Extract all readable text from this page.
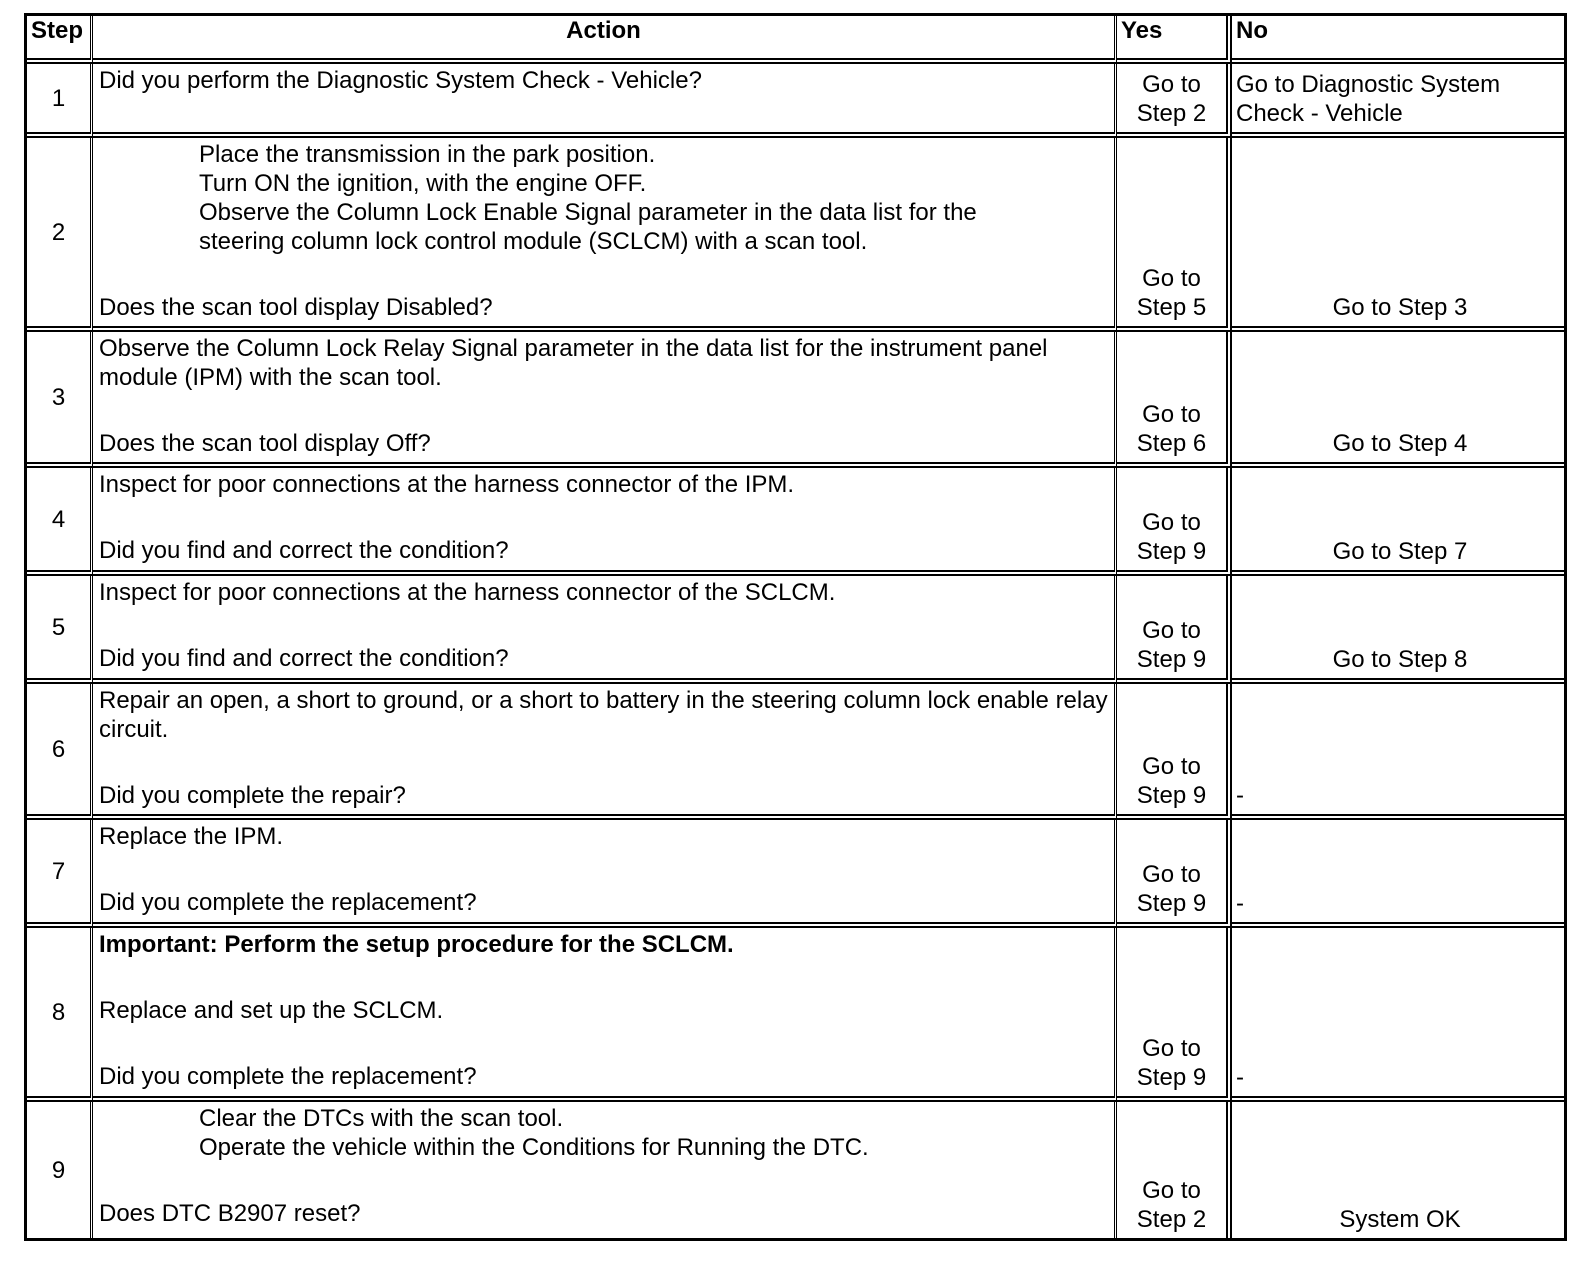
Step	Action	Yes	No
1	Did you perform the Diagnostic System Check - Vehicle?	Go to Step 2	Go to Diagnostic System Check - Vehicle
2	Place the transmission in the park position.
Turn ON the ignition, with the engine OFF.
Observe the Column Lock Enable Signal parameter in the data list for the steering column lock control module (SCLCM) with a scan tool.
Does the scan tool display Disabled?	Go to Step 5	Go to Step 3
3	Observe the Column Lock Relay Signal parameter in the data list for the instrument panel module (IPM) with the scan tool.
Does the scan tool display Off?	Go to Step 6	Go to Step 4
4	Inspect for poor connections at the harness connector of the IPM.
Did you find and correct the condition?	Go to Step 9	Go to Step 7
5	Inspect for poor connections at the harness connector of the SCLCM.
Did you find and correct the condition?	Go to Step 9	Go to Step 8
6	Repair an open, a short to ground, or a short to battery in the steering column lock enable relay circuit.
Did you complete the repair?	Go to Step 9	-
7	Replace the IPM.
Did you complete the replacement?	Go to Step 9	-
8	Important: Perform the setup procedure for the SCLCM.
Replace and set up the SCLCM.
Did you complete the replacement?	Go to Step 9	-
9	Clear the DTCs with the scan tool.
Operate the vehicle within the Conditions for Running the DTC.
Does DTC B2907 reset?	Go to Step 2	System OK
